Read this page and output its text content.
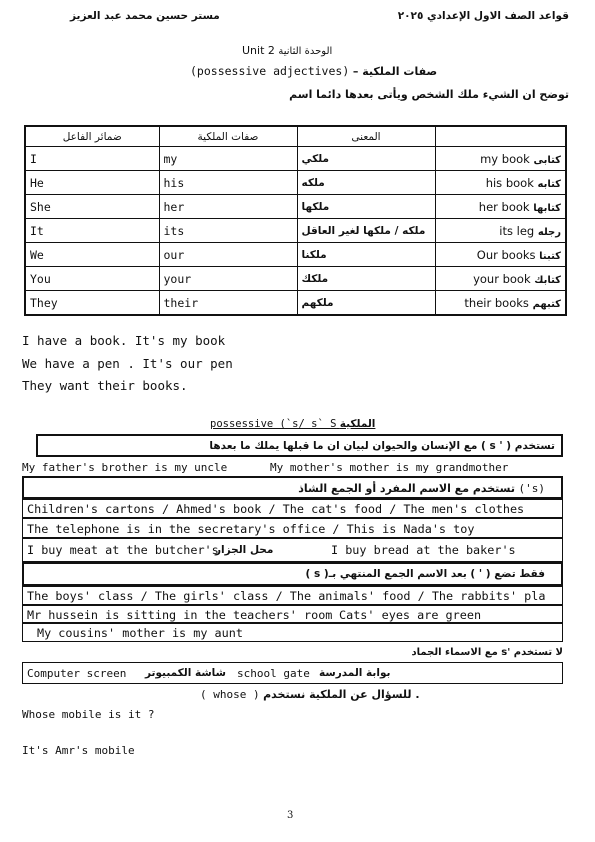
قواعد الصف الاول الإعدادي ٢٠٢٥
مستر حسين محمد عبد العزيز
Unit 2 الوحدة الثانية
(possessive adjectives) – صفات الملكية
توضح ان الشيء ملك الشخص ويأتى بعدها دائما اسم
ضمائر الفاعل	صفات الملكية	المعنى	
I	my	ملكي	my book كتابى
He	his	ملكه	his book كتابه
She	her	ملكها	her book كتابها
It	its	ملكه / ملكها لغير العاقل	its leg رجله
We	our	ملكنا	Our books كتبنا
You	your	ملكك	your book كتابك
They	their	ملكهم	their books كتبهم
I have a book. It's my book
We have a pen . It's our pen
They want their books.
possessive (`s/ s` S الملكية
تستخدم ( ' s ) مع الإنسان والحيوان لبيان ان ما قبلها يملك ما بعدها
My father's brother is my uncle	My mother's mother is my grandmother
تستخدم مع الاسم المفرد أو الجمع الشاذ ('s)
Children's cartons / Ahmed's book / The cat's food / The men's clothes
The telephone is in the secretary's office / This is Nada's toy
I buy meat at the butcher's
محل الجزار	I buy bread at the baker's
فقط تضع ( ' ) بعد الاسم الجمع المنتهي بـ( s )
The boys' class / The girls' class / The animals' food / The rabbits' pla
Mr hussein is sitting in the teachers' room Cats' eyes are green
My cousins' mother is my aunt
لا تستخدم 's مع الاسماء الجماد
Computer screen شاشة الكمبيوتر school gate بوابة المدرسة
( whose ) للسؤال عن الملكية نستخدم .
Whose mobile is it ?
It's Amr's mobile
3
